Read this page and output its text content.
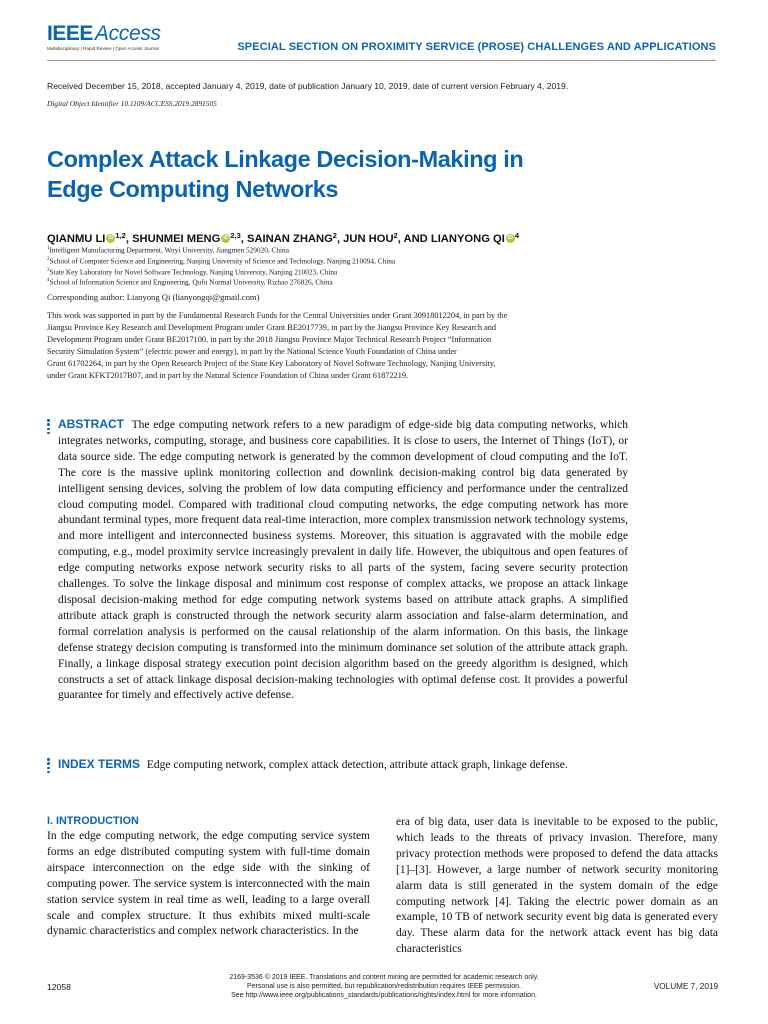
IEEE Access
Multidisciplinary | Rapid Review | Open Access Journal	SPECIAL SECTION ON PROXIMITY SERVICE (PROSE) CHALLENGES AND APPLICATIONS
Received December 15, 2018, accepted January 4, 2019, date of publication January 10, 2019, date of current version February 4, 2019.
Digital Object Identifier 10.1109/ACCESS.2019.2891505
Complex Attack Linkage Decision-Making in
Edge Computing Networks
QIANMU LI iD $^{1,2}$, SHUNMEI MENG iD $^{2,3}$, SAINAN ZHANG$^2$, JUN HOU$^2$, AND LIANYONG QI iD $^4$
$^1$Intelligent Manufacturing Department, Wuyi University, Jiangmen 529020, China
$^2$School of Computer Science and Engineering, Nanjing University of Science and Technology, Nanjing 210094, China
$^3$State Key Laboratory for Novel Software Technology, Nanjing University, Nanjing 210023, China
$^4$School of Information Science and Engineering, Qufu Normal University, Rizhao 276826, China
Corresponding author: Lianyong Qi (lianyongqi@gmail.com)
This work was supported in part by the Fundamental Research Funds for the Central Universities under Grant 30918012204, in part by the
Jiangsu Province Key Research and Development Program under Grant BE2017739, in part by the Jiangsu Province Key Research and
Development Program under Grant BE2017100, in part by the 2018 Jiangsu Province Major Technical Research Project “Information
Security Simulation System” (electric power and energy), in part by the National Science Youth Foundation of China under
Grant 61702264, in part by the Open Research Project of the State Key Laboratory of Novel Software Technology, Nanjing University,
under Grant KFKT2017B07, and in part by the Natural Science Foundation of China under Grant 61872219.
ABSTRACT The edge computing network refers to a new paradigm of edge-side big data computing networks, which integrates networks, computing, storage, and business core capabilities. It is close to users, the Internet of Things (IoT), or data source side. The edge computing network is generated by the common development of cloud computing and the IoT. The core is the massive uplink monitoring collection and downlink decision-making control big data generated by intelligent sensing devices, solving the problem of low data computing efficiency and performance under the centralized cloud computing model. Compared with traditional cloud computing networks, the edge computing network has more abundant terminal types, more frequent data real-time interaction, more complex transmission network technology systems, and more intelligent and interconnected business systems. Moreover, this situation is aggravated with the mobile edge computing, e.g., model proximity service increasingly prevalent in daily life. However, the ubiquitous and open features of edge computing networks expose network security risks to all parts of the system, facing severe security protection challenges. To solve the linkage disposal and minimum cost response of complex attacks, we propose an attack linkage disposal decision-making method for edge computing network systems based on attribute attack graphs. A simplified attribute attack graph is constructed through the network security alarm association and false-alarm determination, and formal correlation analysis is performed on the causal relationship of the alarm information. On this basis, the linkage defense strategy decision computing is transformed into the minimum dominance set solution of the attribute attack graph. Finally, a linkage disposal strategy execution point decision algorithm based on the greedy algorithm is designed, which constructs a set of attack linkage disposal decision-making technologies with optimal defense cost. It provides a powerful guarantee for timely and effectively active defense.
INDEX TERMS Edge computing network, complex attack detection, attribute attack graph, linkage defense.
I. INTRODUCTION
In the edge computing network, the edge computing service system forms an edge distributed computing system with full-time domain airspace interconnection on the edge side with the sinking of computing power. The service system is interconnected with the main station service system in real time as well, leading to a large overall scale and complex structure. It thus exhibits mixed multi-scale dynamic characteristics and complex network characteristics. In the
era of big data, user data is inevitable to be exposed to the public, which leads to the threats of privacy invasion. Therefore, many privacy protection methods were proposed to defend the data attacks [1]–[3]. However, a large number of network security monitoring alarm data is still generated in the system domain of the edge computing network [4]. Taking the electric power domain as an example, 10 TB of network security event big data is generated every day. These alarm data for the network attack event has big data characteristics
12058
2169-3536 © 2019 IEEE. Translations and content mining are permitted for academic research only.
Personal use is also permitted, but republication/redistribution requires IEEE permission.
See http://www.ieee.org/publications_standards/publications/rights/index.html for more information.
VOLUME 7, 2019
